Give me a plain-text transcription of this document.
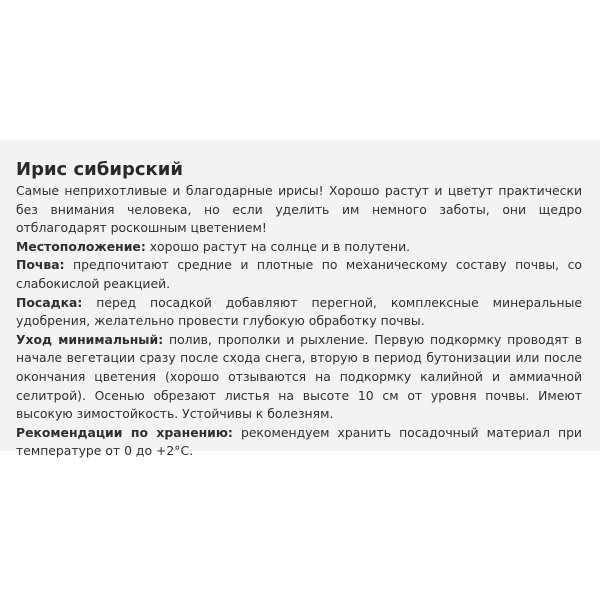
Ирис сибирский

Самые неприхотливые и благодарные ирисы! Хорошо растут и цветут практически без внимания человека, но если уделить им немного заботы, они щедро отблагодарят роскошным цветением!

Местоположение: хорошо растут на солнце и в полутени.

Почва: предпочитают средние и плотные по механическому составу почвы, со слабокислой реакцией.

Посадка: перед посадкой добавляют перегной, комплексные минеральные удобрения, желательно провести глубокую обработку почвы.

Уход минимальный: полив, прополки и рыхление. Первую подкормку проводят в начале вегетации сразу после схода снега, вторую в период бутонизации или после окончания цветения (хорошо отзываются на подкормку калийной и аммиачной селитрой). Осенью обрезают листья на высоте 10 см от уровня почвы. Имеют высокую зимостойкость. Устойчивы к болезням.

Рекомендации по хранению: рекомендуем хранить посадочный материал при температуре от 0 до +2°С.
